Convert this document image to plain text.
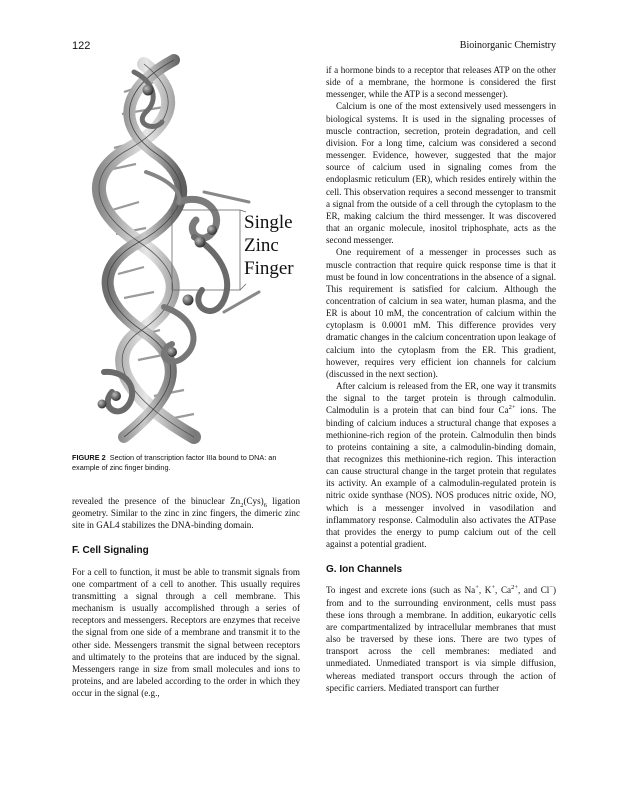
122	Bioinorganic Chemistry
Single
Zinc
Finger
FIGURE 2 Section of transcription factor IIIa bound to DNA: an example of zinc finger binding.

revealed the presence of the binuclear $Zn_2(Cys)_6$ ligation geometry. Similar to the zinc in zinc fingers, the dimeric zinc site in GAL4 stabilizes the DNA-binding domain.

F. Cell Signaling

For a cell to function, it must be able to transmit signals from one compartment of a cell to another. This usually requires transmitting a signal through a cell membrane. This mechanism is usually accomplished through a series of receptors and messengers. Receptors are enzymes that receive the signal from one side of a membrane and transmit it to the other side. Messengers transmit the signal between receptors and ultimately to the proteins that are induced by the signal. Messengers range in size from small molecules and ions to proteins, and are labeled according to the order in which they occur in the signal (e.g.,

if a hormone binds to a receptor that releases ATP on the other side of a membrane, the hormone is considered the first messenger, while the ATP is a second messenger).

Calcium is one of the most extensively used messengers in biological systems. It is used in the signaling processes of muscle contraction, secretion, protein degradation, and cell division. For a long time, calcium was considered a second messenger. Evidence, however, suggested that the major source of calcium used in signaling comes from the endoplasmic reticulum (ER), which resides entirely within the cell. This observation requires a second messenger to transmit a signal from the outside of a cell through the cytoplasm to the ER, making calcium the third messenger. It was discovered that an organic molecule, inositol triphosphate, acts as the second messenger.

One requirement of a messenger in processes such as muscle contraction that require quick response time is that it must be found in low concentrations in the absence of a signal. This requirement is satisfied for calcium. Although the concentration of calcium in sea water, human plasma, and the ER is about 10 mM, the concentration of calcium within the cytoplasm is 0.0001 mM. This difference provides very dramatic changes in the calcium concentration upon leakage of calcium into the cytoplasm from the ER. This gradient, however, requires very efficient ion channels for calcium (discussed in the next section).

After calcium is released from the ER, one way it transmits the signal to the target protein is through calmodulin. Calmodulin is a protein that can bind four $Ca^{2+}$ ions. The binding of calcium induces a structural change that exposes a methionine-rich region of the protein. Calmodulin then binds to proteins containing a site, a calmodulin-binding domain, that recognizes this methionine-rich region. This interaction can cause structural change in the target protein that regulates its activity. An example of a calmodulin-regulated protein is nitric oxide synthase (NOS). NOS produces nitric oxide, NO, which is a messenger involved in vasodilation and inflammatory response. Calmodulin also activates the ATPase that provides the energy to pump calcium out of the cell against a potential gradient.

G. Ion Channels

To ingest and excrete ions (such as Na+, K+, $Ca^{2+}$, and Cl−) from and to the surrounding environment, cells must pass these ions through a membrane. In addition, eukaryotic cells are compartmentalized by intracellular membranes that must also be traversed by these ions. There are two types of transport across the cell membranes: mediated and unmediated. Unmediated transport is via simple diffusion, whereas mediated transport occurs through the action of specific carriers. Mediated transport can further
